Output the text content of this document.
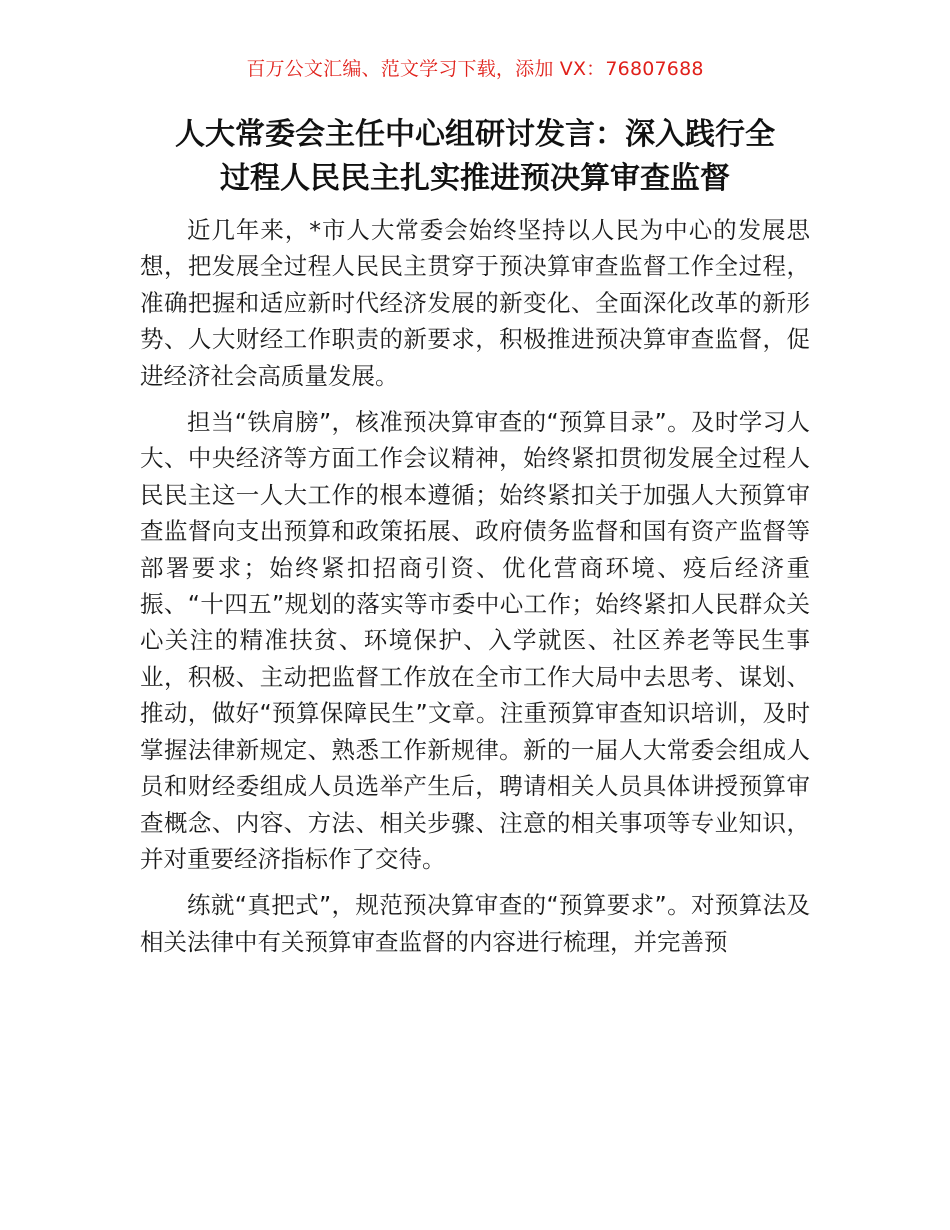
百万公文汇编、范文学习下载，添加 VX：76807688
人大常委会主任中心组研讨发言：深入践行全
过程人民民主扎实推进预决算审查监督

近几年来，*市人大常委会始终坚持以人民为中心的发展思想，把发展全过程人民民主贯穿于预决算审查监督工作全过程，准确把握和适应新时代经济发展的新变化、全面深化改革的新形势、人大财经工作职责的新要求，积极推进预决算审查监督，促进经济社会高质量发展。

担当“铁肩膀”，核准预决算审查的“预算目录”。及时学习人大、中央经济等方面工作会议精神，始终紧扣贯彻发展全过程人民民主这一人大工作的根本遵循；始终紧扣关于加强人大预算审查监督向支出预算和政策拓展、政府债务监督和国有资产监督等部署要求；始终紧扣招商引资、优化营商环境、疫后经济重振、“十四五”规划的落实等市委中心工作；始终紧扣人民群众关心关注的精准扶贫、环境保护、入学就医、社区养老等民生事业，积极、主动把监督工作放在全市工作大局中去思考、谋划、推动，做好“预算保障民生”文章。注重预算审查知识培训，及时掌握法律新规定、熟悉工作新规律。新的一届人大常委会组成人员和财经委组成人员选举产生后，聘请相关人员具体讲授预算审查概念、内容、方法、相关步骤、注意的相关事项等专业知识，并对重要经济指标作了交待。

练就“真把式”，规范预决算审查的“预算要求”。对预算法及相关法律中有关预算审查监督的内容进行梳理，并完善预
